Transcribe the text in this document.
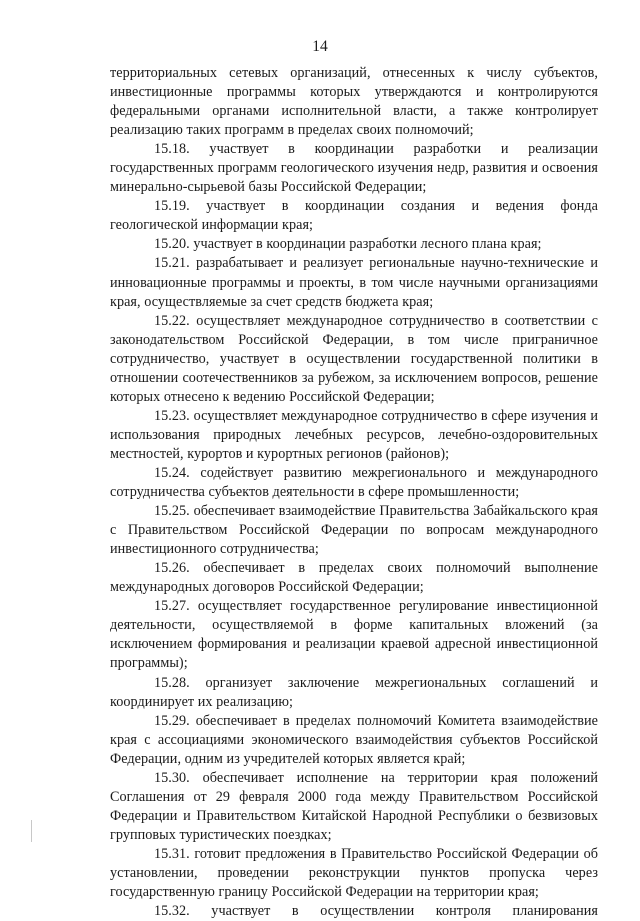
14

территориальных сетевых организаций, отнесенных к числу субъектов, инвестиционные программы которых утверждаются и контролируются федеральными органами исполнительной власти, а также контролирует реализацию таких программ в пределах своих полномочий;

15.18. участвует в координации разработки и реализации государственных программ геологического изучения недр, развития и освоения минерально-сырьевой базы Российской Федерации;

15.19. участвует в координации создания и ведения фонда геологической информации края;

15.20. участвует в координации разработки лесного плана края;

15.21. разрабатывает и реализует региональные научно-технические и инновационные программы и проекты, в том числе научными организациями края, осуществляемые за счет средств бюджета края;

15.22. осуществляет международное сотрудничество в соответствии с законодательством Российской Федерации, в том числе приграничное сотрудничество, участвует в осуществлении государственной политики в отношении соотечественников за рубежом, за исключением вопросов, решение которых отнесено к ведению Российской Федерации;

15.23. осуществляет международное сотрудничество в сфере изучения и использования природных лечебных ресурсов, лечебно-оздоровительных местностей, курортов и курортных регионов (районов);

15.24. содействует развитию межрегионального и международного сотрудничества субъектов деятельности в сфере промышленности;

15.25. обеспечивает взаимодействие Правительства Забайкальского края с Правительством Российской Федерации по вопросам международного инвестиционного сотрудничества;

15.26. обеспечивает в пределах своих полномочий выполнение международных договоров Российской Федерации;

15.27. осуществляет государственное регулирование инвестиционной деятельности, осуществляемой в форме капитальных вложений (за исключением формирования и реализации краевой адресной инвестиционной программы);

15.28. организует заключение межрегиональных соглашений и координирует их реализацию;

15.29. обеспечивает в пределах полномочий Комитета взаимодействие края с ассоциациями экономического взаимодействия субъектов Российской Федерации, одним из учредителей которых является край;

15.30. обеспечивает исполнение на территории края положений Соглашения от 29 февраля 2000 года между Правительством Российской Федерации и Правительством Китайской Народной Республики о безвизовых групповых туристических поездках;

15.31. готовит предложения в Правительство Российской Федерации об установлении, проведении реконструкции пунктов пропуска через государственную границу Российской Федерации на территории края;

15.32. участвует в осуществлении контроля планирования
